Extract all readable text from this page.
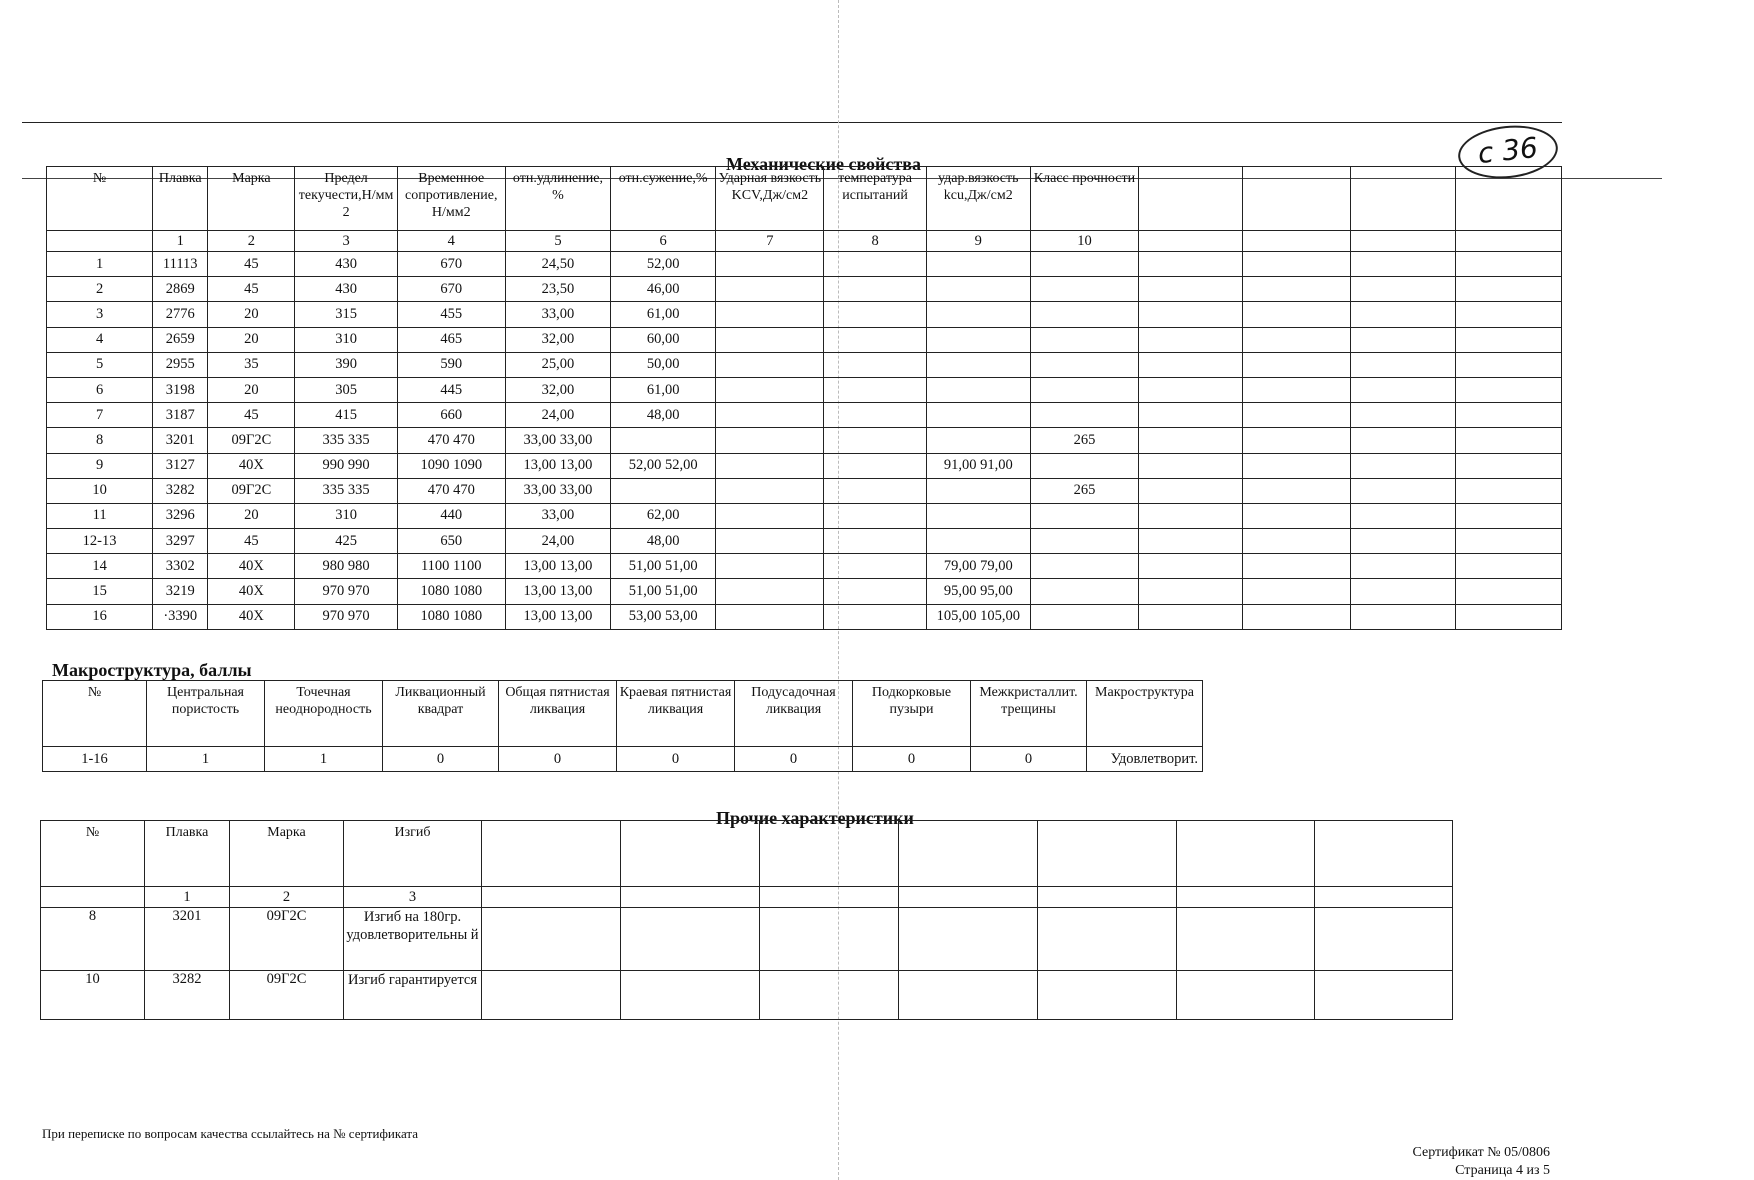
с 36
Механические свойства
№	Плавка	Марка	Предел текучести,Н/мм 2	Временное сопротивление, Н/мм2	отн.удлинение, %	отн.сужение,%	Ударная вязкость KCV,Дж/см2	температура испытаний	удар.вязкость kcu,Дж/см2	Класс прочности				
	1	2	3	4	5	6	7	8	9	10				
1	11113	45	430	670	24,50	52,00								
2	2869	45	430	670	23,50	46,00								
3	2776	20	315	455	33,00	61,00								
4	2659	20	310	465	32,00	60,00								
5	2955	35	390	590	25,00	50,00								
6	3198	20	305	445	32,00	61,00								
7	3187	45	415	660	24,00	48,00								
8	3201	09Г2С	335 335	470 470	33,00 33,00					265				
9	3127	40Х	990 990	1090 1090	13,00 13,00	52,00 52,00			91,00 91,00					
10	3282	09Г2С	335 335	470 470	33,00 33,00					265				
11	3296	20	310	440	33,00	62,00								
12-13	3297	45	425	650	24,00	48,00								
14	3302	40Х	980 980	1100 1100	13,00 13,00	51,00 51,00			79,00 79,00					
15	3219	40Х	970 970	1080 1080	13,00 13,00	51,00 51,00			95,00 95,00					
16	·3390	40Х	970 970	1080 1080	13,00 13,00	53,00 53,00			105,00 105,00					
Макроструктура, баллы
№	Центральная пористость	Точечная неоднородность	Ликвационный квадрат	Общая пятнистая ликвация	Краевая пятнистая ликвация	Подусадочная ликвация	Подкорковые пузыри	Межкристаллит. трещины	Макроструктура
1-16	1	1	0	0	0	0	0	0	Удовлетворит.
Прочие характеристики
№	Плавка	Марка	Изгиб							
	1	2	3							
8	3201	09Г2С	Изгиб на 180гр. удовлетворительны й							
10	3282	09Г2С	Изгиб гарантируется							
При переписке по вопросам качества ссылайтесь на № сертификата
Сертификат № 05/0806
Страница 4 из 5
